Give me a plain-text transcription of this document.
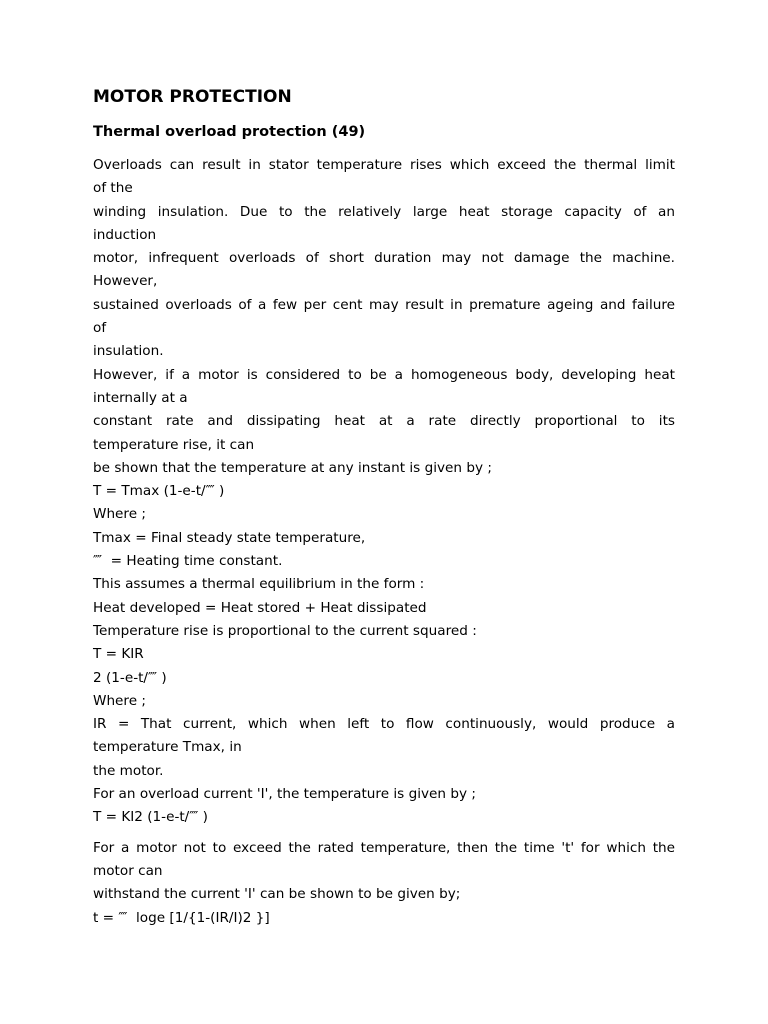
MOTOR PROTECTION
Thermal overload protection (49)

Overloads can result in stator temperature rises which exceed the thermal limit

of the

winding insulation. Due to the relatively large heat storage capacity of an

induction

motor, infrequent overloads of short duration may not damage the machine.

However,

sustained overloads of a few per cent may result in premature ageing and failure

of

insulation.

However, if a motor is considered to be a homogeneous body, developing heat

internally at a

constant rate and dissipating heat at a rate directly proportional to its

temperature rise, it can

be shown that the temperature at any instant is given by ;

T = Tmax (1-e-t/⁗ )

Where ;

Tmax = Final steady state temperature,

⁗  = Heating time constant.

This assumes a thermal equilibrium in the form :

Heat developed = Heat stored + Heat dissipated

Temperature rise is proportional to the current squared :

T = KIR

2 (1-e-t/⁗ )

Where ;

IR = That current, which when left to flow continuously, would produce a

temperature Tmax, in

the motor.

For an overload current 'I', the temperature is given by ;

T = KI2 (1-e-t/⁗ )

For a motor not to exceed the rated temperature, then the time 't' for which the

motor can

withstand the current 'I' can be shown to be given by;

t = ⁗  loge [1/{1-(IR/I)2 }]
